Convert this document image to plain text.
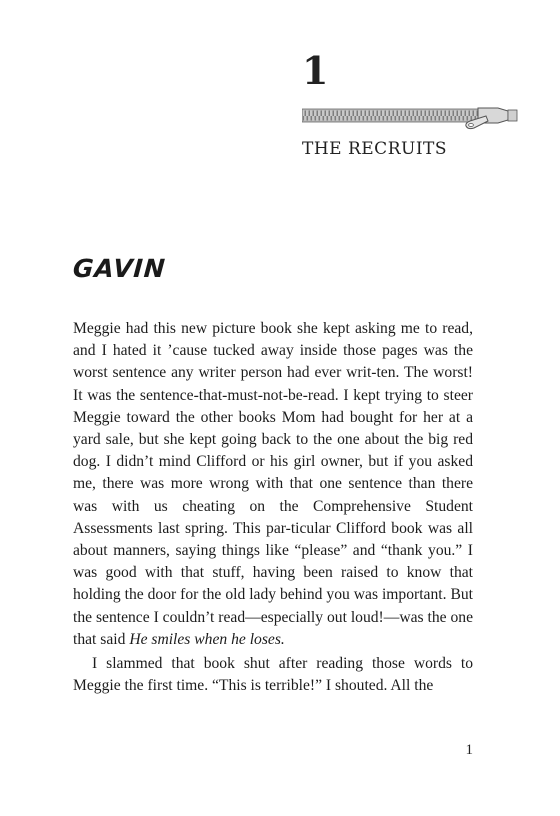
1
THE RECRUITS
GAVIN

Meggie had this new picture book she kept asking me to read, and I hated it ’cause tucked away inside those pages was the worst sentence any writer person had ever writ-ten. The worst! It was the sentence-that-must-not-be-read. I kept trying to steer Meggie toward the other books Mom had bought for her at a yard sale, but she kept going back to the one about the big red dog. I didn’t mind Clifford or his girl owner, but if you asked me, there was more wrong with that one sentence than there was with us cheating on the Comprehensive Student Assessments last spring. This par-ticular Clifford book was all about manners, saying things like “please” and “thank you.” I was good with that stuff, having been raised to know that holding the door for the old lady behind you was important. But the sentence I couldn’t read—especially out loud!—was the one that said He smiles when he loses.

I slammed that book shut after reading those words to Meggie the first time. “This is terrible!” I shouted. All the

1
